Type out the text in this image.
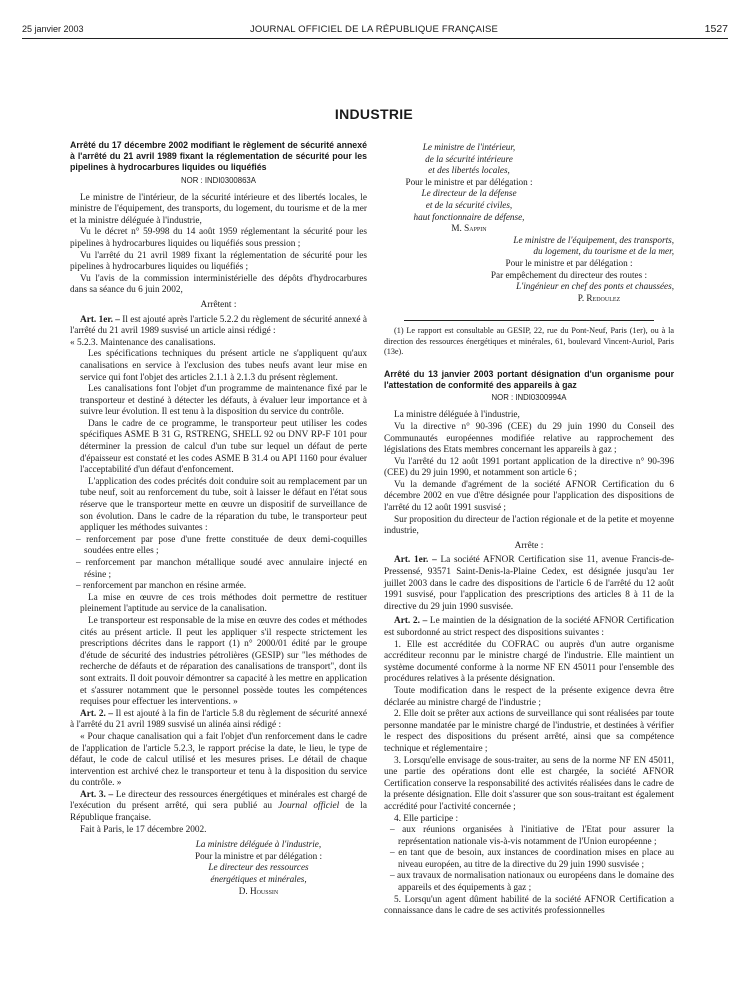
25 janvier 2003	JOURNAL OFFICIEL DE LA RÉPUBLIQUE FRANÇAISE	1527
INDUSTRIE
Arrêté du 17 décembre 2002 modifiant le règlement de sécurité annexé à l'arrêté du 21 avril 1989 fixant la réglementation de sécurité pour les pipelines à hydrocarbures liquides ou liquéfiés
NOR : INDI0300863A
Le ministre de l'intérieur, de la sécurité intérieure et des libertés locales, le ministre de l'équipement, des transports, du logement, du tourisme et de la mer et la ministre déléguée à l'industrie,
Vu le décret n° 59-998 du 14 août 1959 réglementant la sécurité pour les pipelines à hydrocarbures liquides ou liquéfiés sous pression ;
Vu l'arrêté du 21 avril 1989 fixant la réglementation de sécurité pour les pipelines à hydrocarbures liquides ou liquéfiés ;
Vu l'avis de la commission interministérielle des dépôts d'hydrocarbures dans sa séance du 6 juin 2002,
Arrêtent :
Art. 1er. – Il est ajouté après l'article 5.2.2 du règlement de sécurité annexé à l'arrêté du 21 avril 1989 susvisé un article ainsi rédigé :
« 5.2.3. Maintenance des canalisations.
Les spécifications techniques du présent article ne s'appliquent qu'aux canalisations en service à l'exclusion des tubes neufs avant leur mise en service qui font l'objet des articles 2.1.1 à 2.1.3 du présent règlement.
Les canalisations font l'objet d'un programme de maintenance fixé par le transporteur et destiné à détecter les défauts, à évaluer leur importance et à suivre leur évolution. Il est tenu à la disposition du service du contrôle.
Dans le cadre de ce programme, le transporteur peut utiliser les codes spécifiques ASME B 31 G, RSTRENG, SHELL 92 ou DNV RP-F 101 pour déterminer la pression de calcul d'un tube sur lequel un défaut de perte d'épaisseur est constaté et les codes ASME B 31.4 ou API 1160 pour évaluer l'acceptabilité d'un défaut d'enfoncement.
L'application des codes précités doit conduire soit au remplacement par un tube neuf, soit au renforcement du tube, soit à laisser le défaut en l'état sous réserve que le transporteur mette en œuvre un dispositif de surveillance de son évolution. Dans le cadre de la réparation du tube, le transporteur peut appliquer les méthodes suivantes :
– renforcement par pose d'une frette constituée de deux demi-coquilles soudées entre elles ;
– renforcement par manchon métallique soudé avec annulaire injecté en résine ;
– renforcement par manchon en résine armée.
La mise en œuvre de ces trois méthodes doit permettre de restituer pleinement l'aptitude au service de la canalisation.
Le transporteur est responsable de la mise en œuvre des codes et méthodes cités au présent article. Il peut les appliquer s'il respecte strictement les prescriptions décrites dans le rapport (1) n° 2000/01 édité par le groupe d'étude de sécurité des industries pétrolières (GESIP) sur "les méthodes de recherche de défauts et de réparation des canalisations de transport", dont ils sont extraits. Il doit pouvoir démontrer sa capacité à les mettre en application et s'assurer notamment que le personnel possède toutes les compétences requises pour effectuer les interventions. »
Art. 2. – Il est ajouté à la fin de l'article 5.8 du règlement de sécurité annexé à l'arrêté du 21 avril 1989 susvisé un alinéa ainsi rédigé :
« Pour chaque canalisation qui a fait l'objet d'un renforcement dans le cadre de l'application de l'article 5.2.3, le rapport précise la date, le lieu, le type de défaut, le code de calcul utilisé et les mesures prises. Le détail de chaque intervention est archivé chez le transporteur et tenu à la disposition du service du contrôle. »
Art. 3. – Le directeur des ressources énergétiques et minérales est chargé de l'exécution du présent arrêté, qui sera publié au Journal officiel de la République française.
Fait à Paris, le 17 décembre 2002.
La ministre déléguée à l'industrie,
Pour la ministre et par délégation :
Le directeur des ressources
énergétiques et minérales,
D. Houssin
Le ministre de l'intérieur,
de la sécurité intérieure
et des libertés locales,
Pour le ministre et par délégation :
Le directeur de la défense
et de la sécurité civiles,
haut fonctionnaire de défense,
M. Sappin
Le ministre de l'équipement, des transports,
du logement, du tourisme et de la mer,
Pour le ministre et par délégation :
Par empêchement du directeur des routes :
L'ingénieur en chef des ponts et chaussées,
P. Redoulez
(1) Le rapport est consultable au GESIP, 22, rue du Pont-Neuf, Paris (1er), ou à la direction des ressources énergétiques et minérales, 61, boulevard Vincent-Auriol, Paris (13e).
Arrêté du 13 janvier 2003 portant désignation d'un organisme pour l'attestation de conformité des appareils à gaz
NOR : INDI0300994A
La ministre déléguée à l'industrie,
Vu la directive n° 90-396 (CEE) du 29 juin 1990 du Conseil des Communautés européennes modifiée relative au rapprochement des législations des Etats membres concernant les appareils à gaz ;
Vu l'arrêté du 12 août 1991 portant application de la directive n° 90-396 (CEE) du 29 juin 1990, et notamment son article 6 ;
Vu la demande d'agrément de la société AFNOR Certification du 6 décembre 2002 en vue d'être désignée pour l'application des dispositions de l'arrêté du 12 août 1991 susvisé ;
Sur proposition du directeur de l'action régionale et de la petite et moyenne industrie,
Arrête :
Art. 1er. – La société AFNOR Certification sise 11, avenue Francis-de-Pressensé, 93571 Saint-Denis-la-Plaine Cedex, est désignée jusqu'au 1er juillet 2003 dans le cadre des dispositions de l'article 6 de l'arrêté du 12 août 1991 susvisé, pour l'application des prescriptions des articles 8 à 11 de la directive du 29 juin 1990 susvisée.
Art. 2. – Le maintien de la désignation de la société AFNOR Certification est subordonné au strict respect des dispositions suivantes :
1. Elle est accréditée du COFRAC ou auprès d'un autre organisme accréditeur reconnu par le ministre chargé de l'industrie. Elle maintient un système documenté conforme à la norme NF EN 45011 pour l'ensemble des procédures relatives à la présente désignation.
Toute modification dans le respect de la présente exigence devra être déclarée au ministre chargé de l'industrie ;
2. Elle doit se prêter aux actions de surveillance qui sont réalisées par toute personne mandatée par le ministre chargé de l'industrie, et destinées à vérifier le respect des dispositions du présent arrêté, ainsi que sa compétence technique et réglementaire ;
3. Lorsqu'elle envisage de sous-traiter, au sens de la norme NF EN 45011, une partie des opérations dont elle est chargée, la société AFNOR Certification conserve la responsabilité des activités réalisées dans le cadre de la présente désignation. Elle doit s'assurer que son sous-traitant est également accrédité pour l'activité concernée ;
4. Elle participe :
– aux réunions organisées à l'initiative de l'Etat pour assurer la représentation nationale vis-à-vis notamment de l'Union européenne ;
– en tant que de besoin, aux instances de coordination mises en place au niveau européen, au titre de la directive du 29 juin 1990 susvisée ;
– aux travaux de normalisation nationaux ou européens dans le domaine des appareils et des équipements à gaz ;
5. Lorsqu'un agent dûment habilité de la société AFNOR Certification a connaissance dans le cadre de ses activités professionnelles
